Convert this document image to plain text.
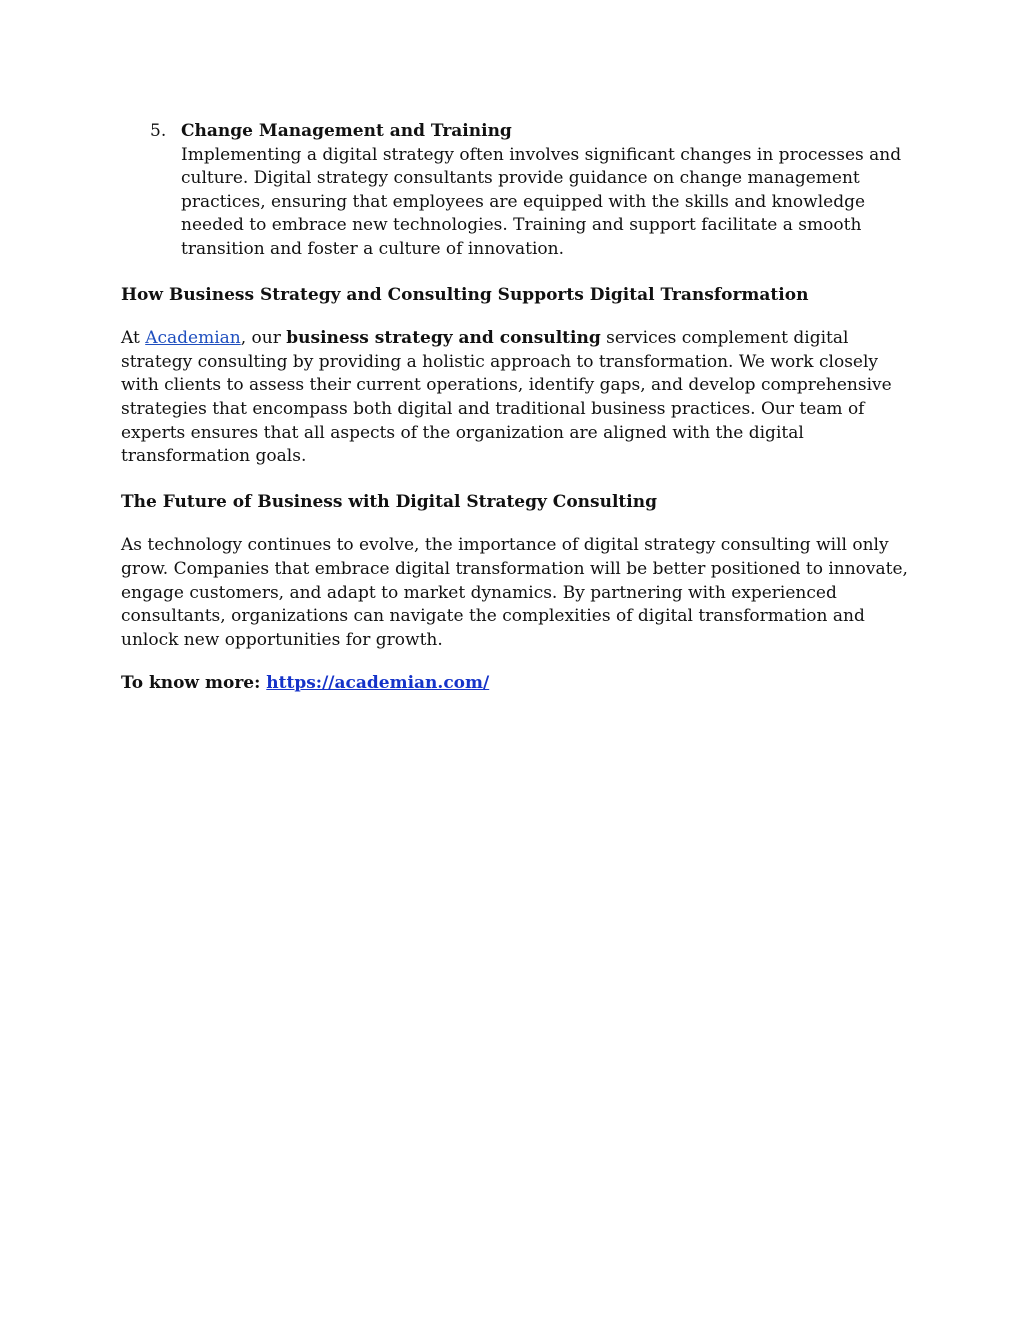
5. Change Management and Training
Implementing a digital strategy often involves significant changes in processes and culture. Digital strategy consultants provide guidance on change management practices, ensuring that employees are equipped with the skills and knowledge needed to embrace new technologies. Training and support facilitate a smooth transition and foster a culture of innovation.
How Business Strategy and Consulting Supports Digital Transformation

At Academian, our business strategy and consulting services complement digital strategy consulting by providing a holistic approach to transformation. We work closely with clients to assess their current operations, identify gaps, and develop comprehensive strategies that encompass both digital and traditional business practices. Our team of experts ensures that all aspects of the organization are aligned with the digital transformation goals.

The Future of Business with Digital Strategy Consulting

As technology continues to evolve, the importance of digital strategy consulting will only grow. Companies that embrace digital transformation will be better positioned to innovate, engage customers, and adapt to market dynamics. By partnering with experienced consultants, organizations can navigate the complexities of digital transformation and unlock new opportunities for growth.

To know more: https://academian.com/
